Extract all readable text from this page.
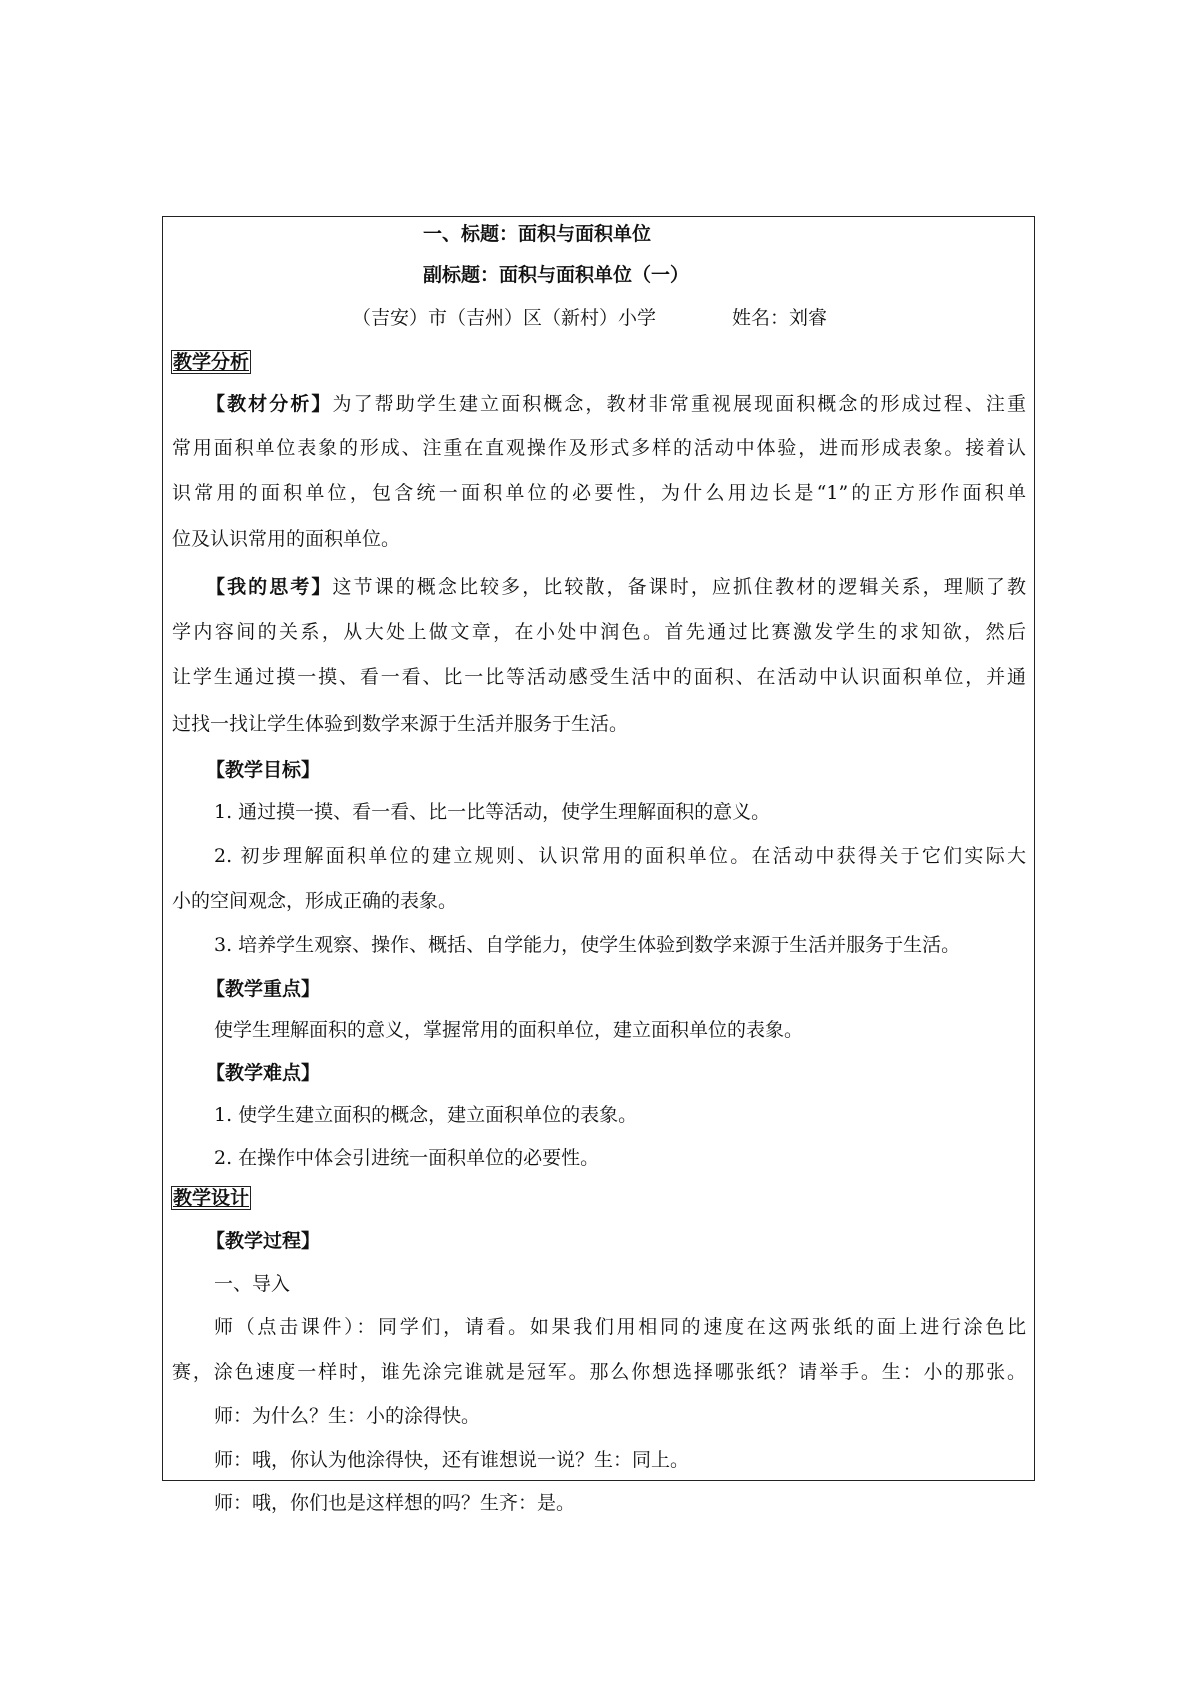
一、标题：面积与面积单位
副标题：面积与面积单位（一）
（吉安）市（吉州）区（新村）小学	姓名：刘睿
教学分析
【教材分析】为了帮助学生建立面积概念，教材非常重视展现面积概念的形成过程、注重
常用面积单位表象的形成、注重在直观操作及形式多样的活动中体验，进而形成表象。接着认
识常用的面积单位，包含统一面积单位的必要性，为什么用边长是“1”的正方形作面积单
位及认识常用的面积单位。
【我的思考】这节课的概念比较多，比较散，备课时，应抓住教材的逻辑关系，理顺了教
学内容间的关系，从大处上做文章，在小处中润色。首先通过比赛激发学生的求知欲，然后
让学生通过摸一摸、看一看、比一比等活动感受生活中的面积、在活动中认识面积单位，并通
过找一找让学生体验到数学来源于生活并服务于生活。
【教学目标】
1. 通过摸一摸、看一看、比一比等活动，使学生理解面积的意义。
2. 初步理解面积单位的建立规则、认识常用的面积单位。在活动中获得关于它们实际大
小的空间观念，形成正确的表象。
3. 培养学生观察、操作、概括、自学能力，使学生体验到数学来源于生活并服务于生活。
【教学重点】
使学生理解面积的意义，掌握常用的面积单位，建立面积单位的表象。
【教学难点】
1. 使学生建立面积的概念，建立面积单位的表象。
2. 在操作中体会引进统一面积单位的必要性。
教学设计
【教学过程】
一、导入
师（点击课件）：同学们，请看。如果我们用相同的速度在这两张纸的面上进行涂色比
赛，涂色速度一样时，谁先涂完谁就是冠军。那么你想选择哪张纸？请举手。生：小的那张。
师：为什么？生：小的涂得快。
师：哦，你认为他涂得快，还有谁想说一说？生：同上。
师：哦，你们也是这样想的吗？生齐：是。
